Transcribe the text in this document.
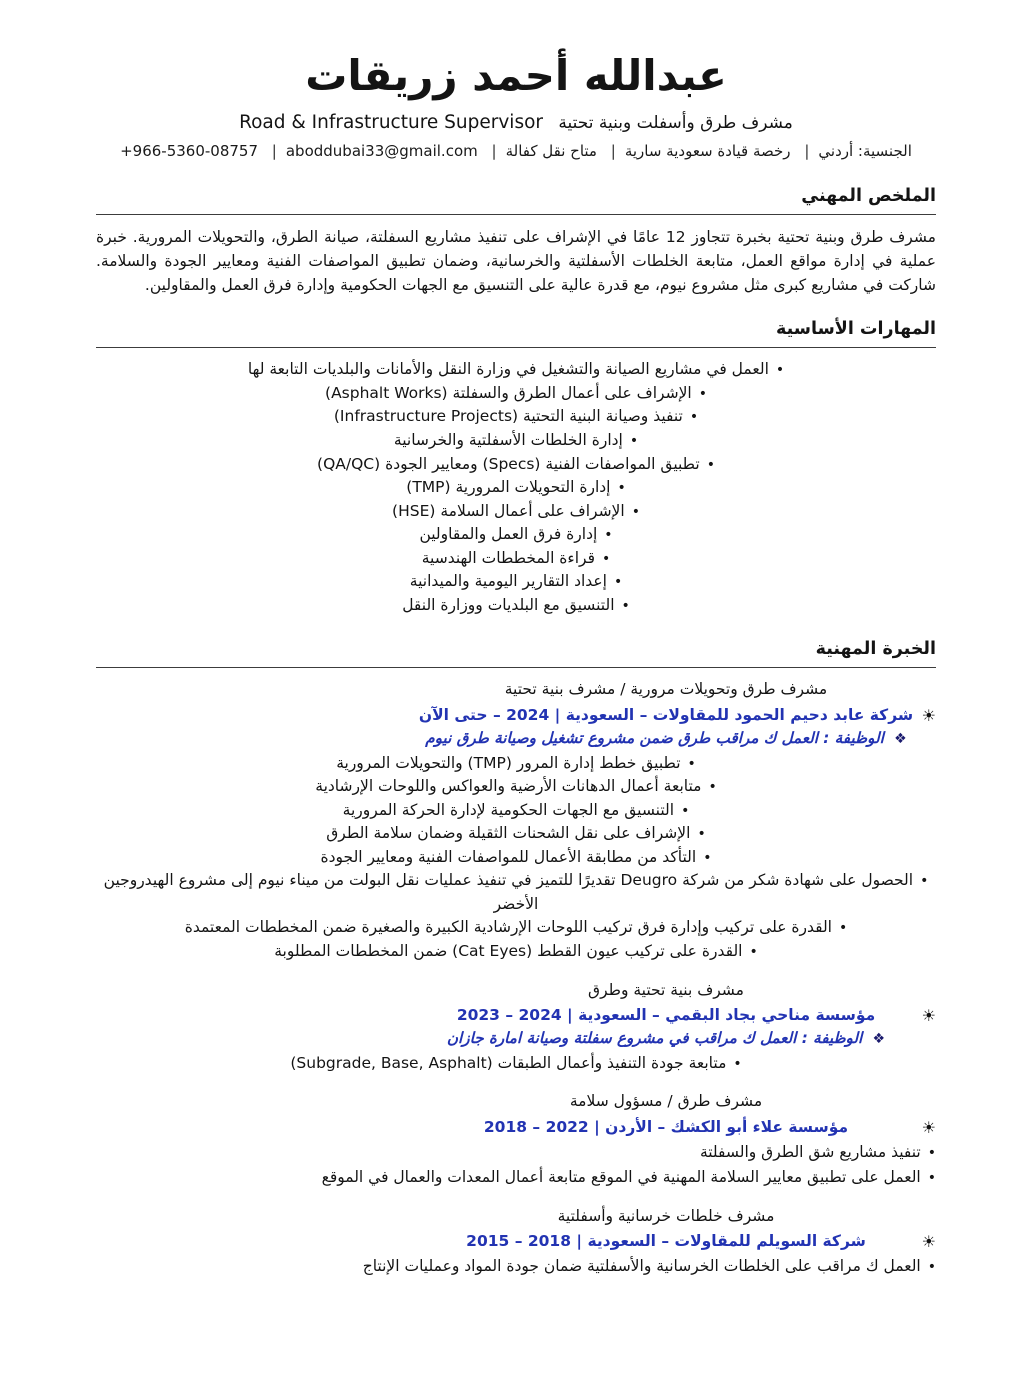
عبدالله أحمد زريقات
مشرف طرق وأسفلت وبنية تحتية Road & Infrastructure Supervisor
الجنسية: أردني| رخصة قيادة سعودية سارية| متاح نقل كفالة| aboddubai33@gmail.com| +966-5360-08757
الملخص المهني

مشرف طرق وبنية تحتية بخبرة تتجاوز 12 عامًا في الإشراف على تنفيذ مشاريع السفلتة، صيانة الطرق، والتحويلات المرورية. خبرة عملية في إدارة مواقع العمل، متابعة الخلطات الأسفلتية والخرسانية، وضمان تطبيق المواصفات الفنية ومعايير الجودة والسلامة. شاركت في مشاريع كبرى مثل مشروع نيوم، مع قدرة عالية على التنسيق مع الجهات الحكومية وإدارة فرق العمل والمقاولين.

المهارات الأساسية
•العمل في مشاريع الصيانة والتشغيل في وزارة النقل والأمانات والبلديات التابعة لها
•الإشراف على أعمال الطرق والسفلتة (Asphalt Works)
•تنفيذ وصيانة البنية التحتية (Infrastructure Projects)
•إدارة الخلطات الأسفلتية والخرسانية
•تطبيق المواصفات الفنية (Specs) ومعايير الجودة (QA/QC)
•إدارة التحويلات المرورية (TMP)
•الإشراف على أعمال السلامة (HSE)
•إدارة فرق العمل والمقاولين
•قراءة المخططات الهندسية
•إعداد التقارير اليومية والميدانية
•التنسيق مع البلديات ووزارة النقل
الخبرة المهنية
مشرف طرق وتحويلات مرورية / مشرف بنية تحتية
☀
شركة عابد دحيم الحمود للمقاولات – السعودية | 2024 – حتى الآن
❖ الوظيفة : العمل ك مراقب طرق ضمن مشروع تشغيل وصيانة طرق نيوم
•تطبيق خطط إدارة المرور (TMP) والتحويلات المرورية
•متابعة أعمال الدهانات الأرضية والعواكس واللوحات الإرشادية
•التنسيق مع الجهات الحكومية لإدارة الحركة المرورية
•الإشراف على نقل الشحنات الثقيلة وضمان سلامة الطرق
•التأكد من مطابقة الأعمال للمواصفات الفنية ومعايير الجودة
•الحصول على شهادة شكر من شركة Deugro تقديرًا للتميز في تنفيذ عمليات نقل البولت من ميناء نيوم إلى مشروع الهيدروجين الأخضر
•القدرة على تركيب وإدارة فرق تركيب اللوحات الإرشادية الكبيرة والصغيرة ضمن المخططات المعتمدة
•القدرة على تركيب عيون القطط (Cat Eyes) ضمن المخططات المطلوبة
مشرف بنية تحتية وطرق
☀
مؤسسة مناحي بجاد البقمي – السعودية | 2024 – 2023
❖ الوظيفة : العمل ك مراقب في مشروع سفلتة وصيانة امارة جازان
•متابعة جودة التنفيذ وأعمال الطبقات (Subgrade, Base, Asphalt)
مشرف طرق / مسؤول سلامة
☀
مؤسسة علاء أبو الكشك – الأردن | 2022 – 2018
•تنفيذ مشاريع شق الطرق والسفلتة
•العمل على تطبيق معايير السلامة المهنية في الموقع متابعة أعمال المعدات والعمال في الموقع
مشرف خلطات خرسانية وأسفلتية
☀
شركة السويلم للمقاولات – السعودية | 2018 – 2015
•العمل ك مراقب على الخلطات الخرسانية والأسفلتية ضمان جودة المواد وعمليات الإنتاج
